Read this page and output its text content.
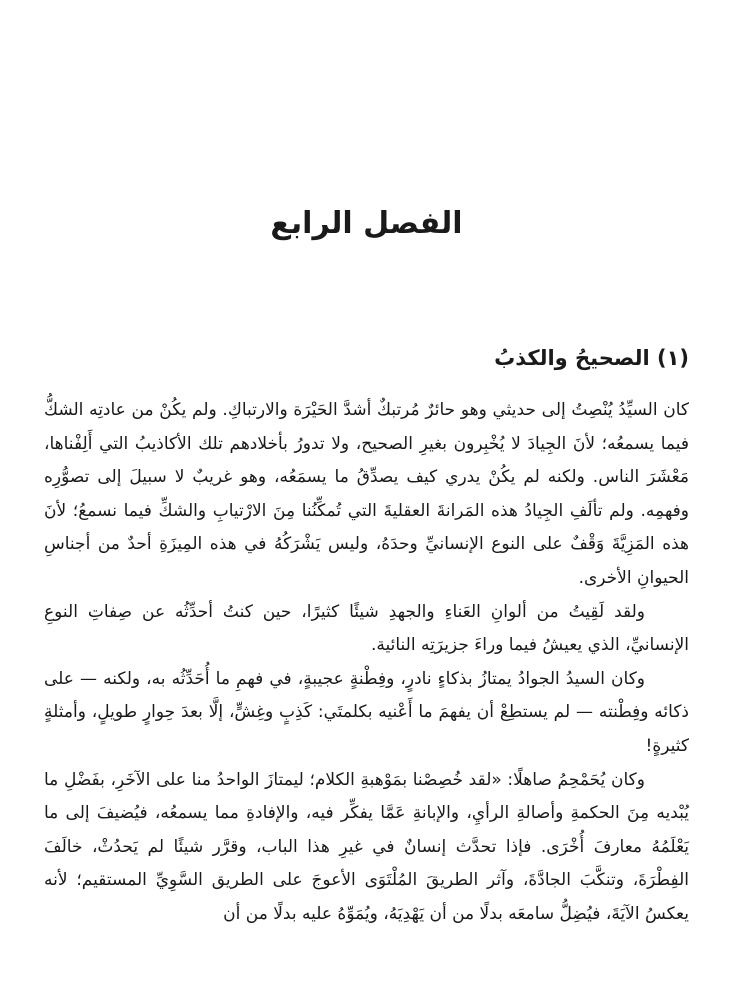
الفصل الرابع
(١) الصحيحُ والكذبُ

كان السيِّدُ يُنْصِتُ إلى حديثي وهو حائرٌ مُرتبكٌ أشدَّ الحَيْرَة والارتباكِ. ولم يكُنْ من عادتِه الشكُّ فيما يسمعُه؛ لأنَ الجِيادَ لا يُخْبِرون بغيرِ الصحيح، ولا تدورُ بأخلادهم تلك الأكاذيبُ التي أَلِفْناها، مَعْشَرَ الناس. ولكنه لم يكُنْ يدري كيف يصدِّقُ ما يسمَعُه، وهو غريبٌ لا سبيلَ إلى تصوُّرِه وفهمِه. ولم تألَفِ الجِيادُ هذه المَرانةَ العقليةَ التي تُمكِّنُنا مِنَ الارْتيابِ والشكِّ فيما نسمعُ؛ لأنَ هذه المَزِيَّةَ وَقْفٌ على النوع الإنسانيِّ وحدَهُ، وليس يَشْرَكُهُ في هذه المِيزَةِ أحدٌ من أجناسِ الحيوانِ الأخرى.

ولقد لَقِيتُ من ألوانِ العَناءِ والجهدِ شيئًا كثيرًا، حين كنتُ أحدِّثُه عن صِفاتِ النوعِ الإنسانيِّ، الذي يعيشُ فيما وراءَ جزيرَتِه النائية.

وكان السيدُ الجوادُ يمتازُ بذكاءٍ نادرٍ، وفِطْنةٍ عجيبةٍ، في فهمِ ما أُحَدِّثُه به، ولكنه — على ذكائه وفِطْنته — لم يستطِعْ أن يفهمَ ما أَعْنيه بكلمتَي: كَذِبٍ وغِشٍّ، إلَّا بعدَ حِوارٍ طويلٍ، وأمثلةٍ كثيرةٍ!

وكان يُحَمْحِمُ صاهلًا: «لقد خُصِصْنا بمَوْهبةِ الكلام؛ ليمتازَ الواحدُ منا على الآخَرِ، بفَضْلِ ما يُبْديه مِنَ الحكمةِ وأصالةِ الرأيِ، والإبانةِ عَمَّا يفكِّر فيه، والإفادةِ مما يسمعُه، فيُضيفَ إلى ما يَعْلَمُهُ معارفَ أُخْرَى. فإذا تحدَّث إنسانٌ في غيرِ هذا الباب، وقرَّر شيئًا لم يَحدُثْ، خالَفَ الفِطْرَةَ، وتنكَّبَ الجادَّةَ، وآثر الطريقَ المُلْتَوَى الأعوجَ على الطريق السَّوِيِّ المستقيم؛ لأنه يعكسُ الآيَةَ، فيُضِلُّ سامعَه بدلًا من أن يَهْدِيَهُ، ويُمَوِّهُ عليه بدلًا من أن
